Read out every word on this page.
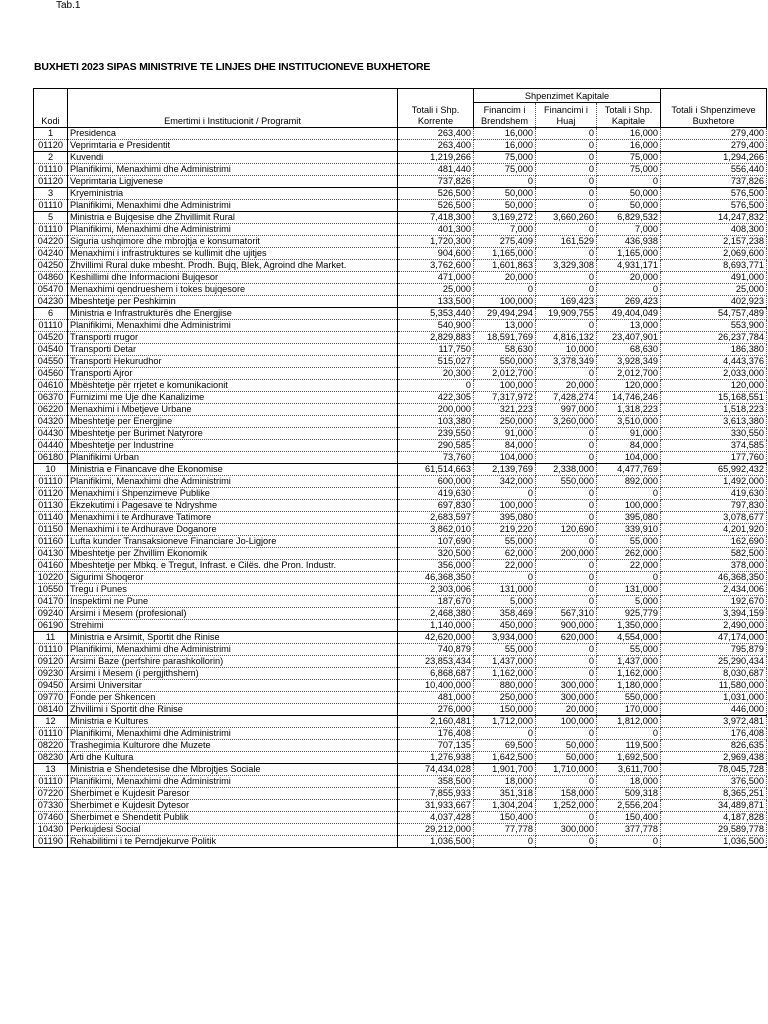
Tab.1
BUXHETI 2023 SIPAS MINISTRIVE TE LINJES DHE INSTITUCIONEVE BUXHETORE
Kodi	Emertimi i Institucionit / Programit	Totali i Shp. Korrente	Shpenzimet Kapitale			Totali i Shpenzimeve Buxhetore
			Financim i Brendshem	Financimi i Huaj	Totali i Shp. Kapitale	
1	Presidenca	263,400	16,000	0	16,000	279,400
01120	Veprimtaria e Presidentit	263,400	16,000	0	16,000	279,400
2	Kuvendi	1,219,266	75,000	0	75,000	1,294,266
01110	Planifikimi, Menaxhimi dhe Administrimi	481,440	75,000	0	75,000	556,440
01120	Veprimtaria Ligjvenese	737,826	0	0	0	737,826
3	Kryeministria	526,500	50,000	0	50,000	576,500
01110	Planifikimi, Menaxhimi dhe Administrimi	526,500	50,000	0	50,000	576,500
5	Ministria e Bujqesise dhe Zhvillimit Rural	7,418,300	3,169,272	3,660,260	6,829,532	14,247,832
01110	Planifikimi, Menaxhimi dhe Administrimi	401,300	7,000	0	7,000	408,300
04220	Siguria ushqimore dhe mbrojtja e konsumatorit	1,720,300	275,409	161,529	436,938	2,157,238
04240	Menaxhimi i infrastruktures se kullimit dhe ujitjes	904,600	1,165,000	0	1,165,000	2,069,600
04250	Zhvillimi Rural duke mbesht. Prodh. Bujq, Blek, Agroind dhe Market.	3,762,600	1,601,863	3,329,308	4,931,171	8,693,771
04860	Keshillimi dhe Informacioni Bujqesor	471,000	20,000	0	20,000	491,000
05470	Menaxhimi qendrueshem i tokes bujqesore	25,000	0	0	0	25,000
04230	Mbeshtetje per Peshkimin	133,500	100,000	169,423	269,423	402,923
6	Ministria e Infrastrukturës dhe Energjise	5,353,440	29,494,294	19,909,755	49,404,049	54,757,489
01110	Planifikimi, Menaxhimi dhe Administrimi	540,900	13,000	0	13,000	553,900
04520	Transporti rrugor	2,829,883	18,591,769	4,816,132	23,407,901	26,237,784
04540	Transporti Detar	117,750	58,630	10,000	68,630	186,380
04550	Transporti Hekurudhor	515,027	550,000	3,378,349	3,928,349	4,443,376
04560	Transporti Ajror	20,300	2,012,700	0	2,012,700	2,033,000
04610	Mbështetje për rrjetet e komunikacionit	0	100,000	20,000	120,000	120,000
06370	Furnizimi me Uje dhe Kanalizime	422,305	7,317,972	7,428,274	14,746,246	15,168,551
06220	Menaxhimi i Mbetjeve Urbane	200,000	321,223	997,000	1,318,223	1,518,223
04320	Mbeshtetje per Energjine	103,380	250,000	3,260,000	3,510,000	3,613,380
04430	Mbeshtetje per Burimet Natyrore	239,550	91,000	0	91,000	330,550
04440	Mbeshtetje per Industrine	290,585	84,000	0	84,000	374,585
06180	Planifikimi Urban	73,760	104,000	0	104,000	177,760
10	Ministria e Financave dhe Ekonomise	61,514,663	2,139,769	2,338,000	4,477,769	65,992,432
01110	Planifikimi, Menaxhimi dhe Administrimi	600,000	342,000	550,000	892,000	1,492,000
01120	Menaxhimi i Shpenzimeve Publike	419,630	0	0	0	419,630
01130	Ekzekutimi i Pagesave te Ndryshme	697,830	100,000	0	100,000	797,830
01140	Menaxhimi i te Ardhurave Tatimore	2,683,597	395,080	0	395,080	3,078,677
01150	Menaxhimi i te Ardhurave Doganore	3,862,010	219,220	120,690	339,910	4,201,920
01160	Lufta kunder Transaksioneve Financiare Jo-Ligjore	107,690	55,000	0	55,000	162,690
04130	Mbeshtetje per Zhvillim Ekonomik	320,500	62,000	200,000	262,000	582,500
04160	Mbeshtetje per Mbkq. e Tregut, Infrast. e Cilës. dhe Pron. Industr.	356,000	22,000	0	22,000	378,000
10220	Sigurimi Shoqeror	46,368,350	0	0	0	46,368,350
10550	Tregu i Punes	2,303,006	131,000	0	131,000	2,434,006
04170	Inspektimi ne Pune	187,670	5,000	0	5,000	192,670
09240	Arsimi i Mesem (profesional)	2,468,380	358,469	567,310	925,779	3,394,159
06190	Strehimi	1,140,000	450,000	900,000	1,350,000	2,490,000
11	Ministria e Arsimit, Sportit dhe Rinise	42,620,000	3,934,000	620,000	4,554,000	47,174,000
01110	Planifikimi, Menaxhimi dhe Administrimi	740,879	55,000	0	55,000	795,879
09120	Arsimi Baze (perfshire parashkollorin)	23,853,434	1,437,000	0	1,437,000	25,290,434
09230	Arsimi i Mesem (i pergjithshem)	6,868,687	1,162,000	0	1,162,000	8,030,687
09450	Arsimi Universitar	10,400,000	880,000	300,000	1,180,000	11,580,000
09770	Fonde per Shkencen	481,000	250,000	300,000	550,000	1,031,000
08140	Zhvillimi i Sportit dhe Rinise	276,000	150,000	20,000	170,000	446,000
12	Ministria e Kultures	2,160,481	1,712,000	100,000	1,812,000	3,972,481
01110	Planifikimi, Menaxhimi dhe Administrimi	176,408	0	0	0	176,408
08220	Trashegimia Kulturore dhe Muzete	707,135	69,500	50,000	119,500	826,635
08230	Arti dhe Kultura	1,276,938	1,642,500	50,000	1,692,500	2,969,438
13	Ministria e Shendetesise dhe Mbrojtjes Sociale	74,434,028	1,901,700	1,710,000	3,611,700	78,045,728
01110	Planifikimi, Menaxhimi dhe Administrimi	358,500	18,000	0	18,000	376,500
07220	Sherbimet e Kujdesit Paresor	7,855,933	351,318	158,000	509,318	8,365,251
07330	Sherbimet e Kujdesit Dytesor	31,933,667	1,304,204	1,252,000	2,556,204	34,489,871
07460	Sherbimet e Shendetit Publik	4,037,428	150,400	0	150,400	4,187,828
10430	Perkujdesi Social	29,212,000	77,778	300,000	377,778	29,589,778
01190	Rehabilitimi i te Perndjekurve Politik	1,036,500	0	0	0	1,036,500
